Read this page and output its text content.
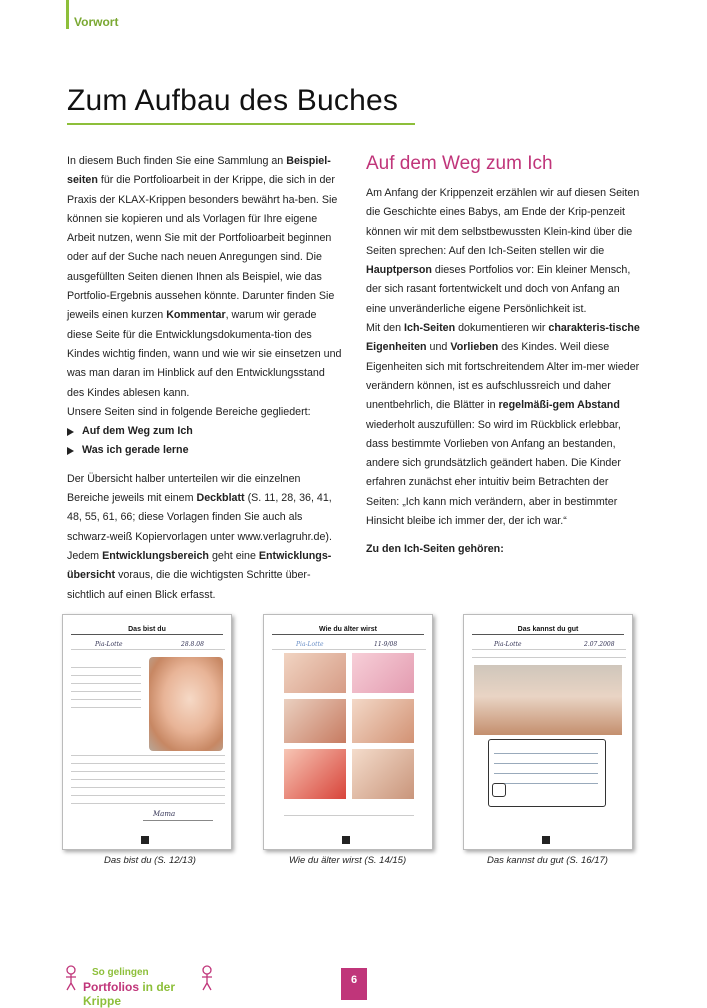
Vorwort
Zum Aufbau des Buches

In diesem Buch finden Sie eine Sammlung an Beispiel-seiten für die Portfolioarbeit in der Krippe, die sich in der Praxis der KLAX-Krippen besonders bewährt ha-ben. Sie können sie kopieren und als Vorlagen für Ihre eigene Arbeit nutzen, wenn Sie mit der Portfolioarbeit beginnen oder auf der Suche nach neuen Anregungen sind. Die ausgefüllten Seiten dienen Ihnen als Beispiel, wie das Portfolio-Ergebnis aussehen könnte. Darunter finden Sie jeweils einen kurzen Kommentar, warum wir gerade diese Seite für die Entwicklungsdokumenta-tion des Kindes wichtig finden, wann und wie wir sie einsetzen und was man daran im Hinblick auf den Entwicklungsstand des Kindes ablesen kann.

Unsere Seiten sind in folgende Bereiche gegliedert:

Auf dem Weg zum Ich
Was ich gerade lerne

Der Übersicht halber unterteilen wir die einzelnen Bereiche jeweils mit einem Deckblatt (S. 11, 28, 36, 41, 48, 55, 61, 66; diese Vorlagen finden Sie auch als schwarz-weiß Kopiervorlagen unter www.verlagruhr.de).

Jedem Entwicklungsbereich geht eine Entwicklungs-übersicht voraus, die die wichtigsten Schritte über-sichtlich auf einen Blick erfasst.

Auf dem Weg zum Ich

Am Anfang der Krippenzeit erzählen wir auf diesen Seiten die Geschichte eines Babys, am Ende der Krip-penzeit können wir mit dem selbstbewussten Klein-kind über die Seiten sprechen: Auf den Ich-Seiten stellen wir die Hauptperson dieses Portfolios vor: Ein kleiner Mensch, der sich rasant fortentwickelt und doch von Anfang an eine unveränderliche eigene Persönlichkeit ist.

Mit den Ich-Seiten dokumentieren wir charakteris-tische Eigenheiten und Vorlieben des Kindes. Weil diese Eigenheiten sich mit fortschreitendem Alter im-mer wieder verändern können, ist es aufschlussreich und daher unentbehrlich, die Blätter in regelmäßi-gem Abstand wiederholt auszufüllen: So wird im Rückblick erlebbar, dass bestimmte Vorlieben von Anfang an bestanden, andere sich grundsätzlich geändert haben. Die Kinder erfahren zunächst eher intuitiv beim Betrachten der Seiten: „Ich kann mich verändern, aber in bestimmter Hinsicht bleibe ich immer der, der ich war.“

Zu den Ich-Seiten gehören:

Das bist du
Pia-Lotte	28.8.08
Mama
Wie du älter wirst
Pia-Lotte	11-9/08
Das kannst du gut
Pia-Lotte	2.07.2008
Das bist du (S. 12/13)	Wie du älter wirst (S. 14/15)	Das kannst du gut (S. 16/17)
So gelingen
Portfolios in der Krippe
6
